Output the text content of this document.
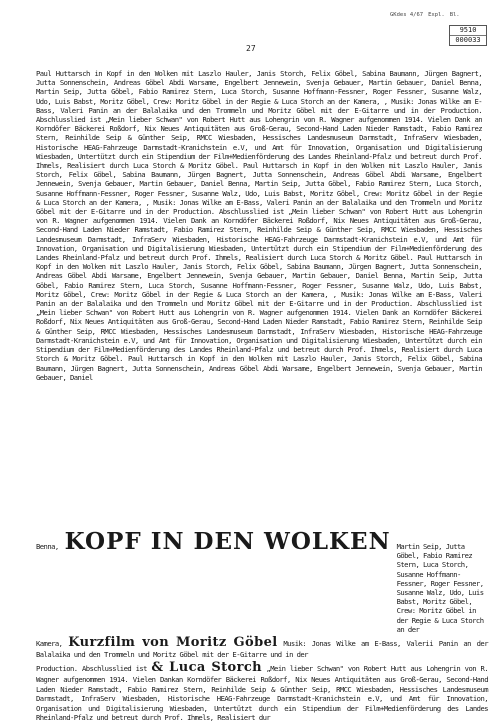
GKdes 4/67 Expl. Bl.
9510
000033
27

Paul Huttarsch in Kopf in den Wolken mit Laszlo Hauler, Janis Storch, Felix Göbel, Sabina Baumann, Jürgen Bagnert, Jutta Sonnenschein, Andreas Göbel Abdi Warsame, Engelbert Jennewein, Svenja Gebauer, Martin Gebauer, Daniel Benna, Martin Seip, Jutta Göbel, Fabio Ramirez Stern, Luca Storch, Susanne Hoffmann-Fessner, Roger Fessner, Susanne Walz, Udo, Luis Babst, Moritz Göbel, Crew: Moritz Göbel in der Regie & Luca Storch an der Kamera, , Musik: Jonas Wilke am E-Bass, Valeri Panin an der Balalaika und den Trommeln und Moritz Göbel mit der E-Gitarre und in der Production. Abschlusslied ist „Mein lieber Schwan" von Robert Hutt aus Lohengrin von R. Wagner aufgenommen 1914. Vielen Dank an Korndöfer Bäckerei Roßdorf, Nix Neues Antiquitäten aus Groß-Gerau, Second-Hand Laden Nieder Ramstadt, Fabio Ramirez Stern, Reinhilde Seip & Günther Seip, RMCC Wiesbaden, Hessisches Landesmuseum Darmstadt, InfraServ Wiesbaden, Historische HEAG-Fahrzeuge Darmstadt-Kranichstein e.V, und Amt für Innovation, Organisation und Digitalisierung Wiesbaden, Untertützt durch ein Stipendium der Film+Medienförderung des Landes Rheinland-Pfalz und betreut durch Prof. Ihmels, Realisiert durch Luca Storch & Moritz Göbel. Paul Huttarsch in Kopf in den Wolken mit Laszlo Hauler, Janis Storch, Felix Göbel, Sabina Baumann, Jürgen Bagnert, Jutta Sonnenschein, Andreas Göbel Abdi Warsame, Engelbert Jennewein, Svenja Gebauer, Martin Gebauer, Daniel Benna, Martin Seip, Jutta Göbel, Fabio Ramirez Stern, Luca Storch, Susanne Hoffmann-Fessner, Roger Fessner, Susanne Walz, Udo, Luis Babst, Moritz Göbel, Crew: Moritz Göbel in der Regie & Luca Storch an der Kamera, , Musik: Jonas Wilke am E-Bass, Valeri Panin an der Balalaika und den Trommeln und Moritz Göbel mit der E-Gitarre und in der Production. Abschlusslied ist „Mein lieber Schwan" von Robert Hutt aus Lohengrin von R. Wagner aufgenommen 1914. Vielen Dank an Korndöfer Bäckerei Roßdorf, Nix Neues Antiquitäten aus Groß-Gerau, Second-Hand Laden Nieder Ramstadt, Fabio Ramirez Stern, Reinhilde Seip & Günther Seip, RMCC Wiesbaden, Hessisches Landesmuseum Darmstadt, InfraServ Wiesbaden, Historische HEAG-Fahrzeuge Darmstadt-Kranichstein e.V, und Amt für Innovation, Organisation und Digitalisierung Wiesbaden, Untertützt durch ein Stipendium der Film+Medienförderung des Landes Rheinland-Pfalz und betreut durch Prof. Ihmels, Realisiert durch Luca Storch & Moritz Göbel. Paul Huttarsch in Kopf in den Wolken mit Laszlo Hauler, Janis Storch, Felix Göbel, Sabina Baumann, Jürgen Bagnert, Jutta Sonnenschein, Andreas Göbel Abdi Warsame, Engelbert Jennewein, Svenja Gebauer, Martin Gebauer, Daniel Benna, Martin Seip, Jutta Göbel, Fabio Ramirez Stern, Luca Storch, Susanne Hoffmann-Fessner, Roger Fessner, Susanne Walz, Udo, Luis Babst, Moritz Göbel, Crew: Moritz Göbel in der Regie & Luca Storch an der Kamera, , Musik: Jonas Wilke am E-Bass, Valeri Panin an der Balalaika und den Trommeln und Moritz Göbel mit der E-Gitarre und in der Production. Abschlusslied ist „Mein lieber Schwan" von Robert Hutt aus Lohengrin von R. Wagner aufgenommen 1914. Vielen Dank an Korndöfer Bäckerei Roßdorf, Nix Neues Antiquitäten aus Groß-Gerau, Second-Hand Laden Nieder Ramstadt, Fabio Ramirez Stern, Reinhilde Seip & Günther Seip, RMCC Wiesbaden, Hessisches Landesmuseum Darmstadt, InfraServ Wiesbaden, Historische HEAG-Fahrzeuge Darmstadt-Kranichstein e.V, und Amt für Innovation, Organisation und Digitalisierung Wiesbaden, Untertützt durch ein Stipendium der Film+Medienförderung des Landes Rheinland-Pfalz und betreut durch Prof. Ihmels, Realisiert durch Luca Storch & Moritz Göbel. Paul Huttarsch in Kopf in den Wolken mit Laszlo Hauler, Janis Storch, Felix Göbel, Sabina Baumann, Jürgen Bagnert, Jutta Sonnenschein, Andreas Göbel Abdi Warsame, Engelbert Jennewein, Svenja Gebauer, Martin Gebauer, Daniel

Benna, KOPF IN DEN WOLKEN Martin Seip, Jutta Göbel, Fabio Ramirez Stern, Luca Storch, Susanne Hoffmann-Fessner, Roger Fessner, Susanne Walz, Udo, Luis Babst, Moritz Göbel, Crew: Moritz Göbel in der Regie & Luca Storch an der
Kamera, Kurzfilm von Moritz Göbel Musik: Jonas Wilke am E-Bass, Valerii Panin an der Balalaika und den Trommeln und Moritz Göbel mit der E-Gitarre und in der
Production. Abschlusslied ist & Luca Storch „Mein lieber Schwan" von Robert Hutt aus Lohengrin von R. Wagner aufgenommen 1914. Vielen Dankan Korndöfer Bäckerei Roßdorf, Nix Neues Antiquitäten aus Groß-Gerau, Second-Hand Laden Nieder Ramstadt, Fabio Ramirez Stern, Reinhilde Seip & Günther Seip, RMCC Wiesbaden, Hessisches Landesmuseum Darmstadt, InfraServ Wiesbaden, Historische HEAG-Fahrzeuge Darmstadt-Kranichstein e.V, und Amt für Innovation, Organisation und Digitalisierung Wiesbaden, Untertützt durch ein Stipendium der Film+Medienförderung des Landes Rheinland-Pfalz und betreut durch Prof. Ihmels, Realisiert dur
